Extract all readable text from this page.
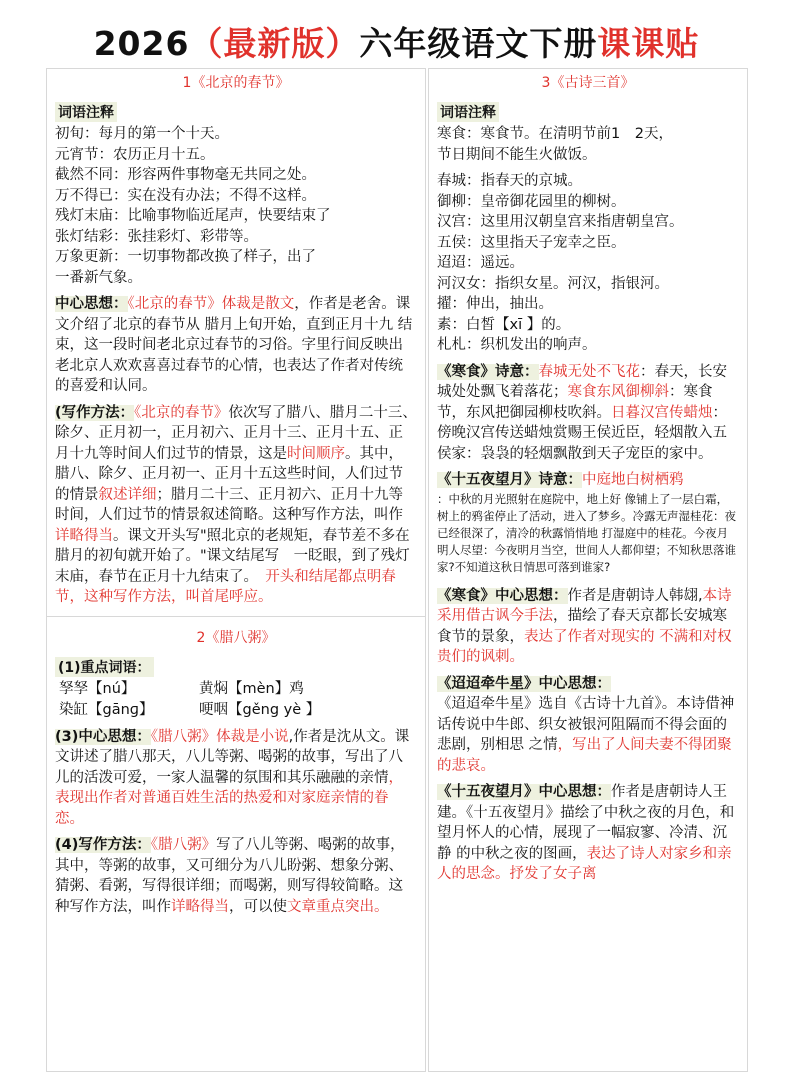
2026（最新版）六年级语文下册课课贴
1《北京的春节》
词语注释
初旬：每月的第一个十天。
元宵节：农历正月十五。
截然不同：形容两件事物毫无共同之处。
万不得已：实在没有办法；不得不这样。
残灯末庙：比喻事物临近尾声，快要结束了
张灯结彩：张挂彩灯、彩带等。
万象更新：一切事物都改换了样子，出了
一番新气象。
中心思想：《北京的春节》体裁是散文，作者是老舍。课文介绍了北京的春节从 腊月上旬开始，直到正月十九 结束，这一段时间老北京过春节的习俗。字里行间反映出老北京人欢欢喜喜过春节的心情，也表达了作者对传统的喜爱和认同。
(写作方法：《北京的春节》依次写了腊八、腊月二十三、除夕、正月初一，正月初六、正月十三、正月十五、正月十九等时间人们过节的情景，这是时间顺序。其中，腊八、除夕、正月初一、正月十五这些时间，人们过节的情景叙述详细；腊月二十三、正月初六、正月十九等时间，人们过节的情景叙述简略。这种写作方法，叫作详略得当。课文开头写"照北京的老规矩，春节差不多在腊月的初旬就开始了。"课文结尾写　一眨眼，到了残灯末庙，春节在正月十九结束了。　开头和结尾都点明春节，这种写作方法，叫首尾呼应。
2《腊八粥》
(1)重点词语：
孥孥【nú】	黄焖【mèn】鸡
染缸【gānɡ】	哽咽【gěng yè 】
(3)中心思想：《腊八粥》体裁是小说,作者是沈从文。课文讲述了腊八那天，八儿等粥、喝粥的故事，写出了八儿的活泼可爱，一家人温馨的氛围和其乐融融的亲情，表现出作者对普通百姓生活的热爱和对家庭亲情的眷恋。
(4)写作方法：《腊八粥》写了八儿等粥、喝粥的故事，其中，等粥的故事，又可细分为八儿盼粥、想象分粥、猜粥、看粥，写得很详细；而喝粥，则写得较简略。这种写作方法，叫作详略得当，可以使文章重点突出。
3《古诗三首》
词语注释
寒食：寒食节。在清明节前1　2天，
节日期间不能生火做饭。
春城：指春天的京城。
御柳：皇帝御花园里的柳树。
汉宫：这里用汉朝皇宫来指唐朝皇宫。
五侯：这里指天子宠幸之臣。
迢迢：遥远。
河汉女：指织女星。河汉，指银河。
擢：伸出，抽出。
素：白皙【xī 】的。
札札：织机发出的响声。
《寒食》诗意：春城无处不飞花：春天，长安城处处飘飞着落花；寒食东风御柳斜：寒食节，东风把御园柳枝吹斜。日暮汉宫传蜡烛：傍晚汉宫传送蜡烛赏赐王侯近臣，轻烟散入五侯家：袅袅的轻烟飘散到天子宠臣的家中。
《十五夜望月》诗意：中庭地白树栖鸦
：中秋的月光照射在庭院中，地上好 像铺上了一层白霜，树上的鸦雀停止了活动，进入了梦乡。冷露无声湿桂花：夜已经很深了，清冷的秋露悄悄地 打湿庭中的桂花。今夜月明人尽望：今夜明月当空，世间人人都仰望；不知秋思落谁家?不知道这秋日情思可落到谁家?
《寒食》中心思想：作者是唐朝诗人韩翃,本诗采用借古讽今手法，描绘了春天京都长安城寒食节的景象，表达了作者对现实的 不满和对权贵们的讽刺。
《迢迢牵牛星》中心思想：
《迢迢牵牛星》选自《古诗十九首》。本诗借神话传说中牛郎、织女被银河阻隔而不得会面的悲剧，别相思 之情，写出了人间夫妻不得团聚 的悲哀。
《十五夜望月》中心思想：作者是唐朝诗人王建。《十五夜望月》描绘了中秋之夜的月色，和望月怀人的心情，展现了一幅寂寥、冷清、沉静 的中秋之夜的图画，表达了诗人对家乡和亲人的思念。抒发了女子离
